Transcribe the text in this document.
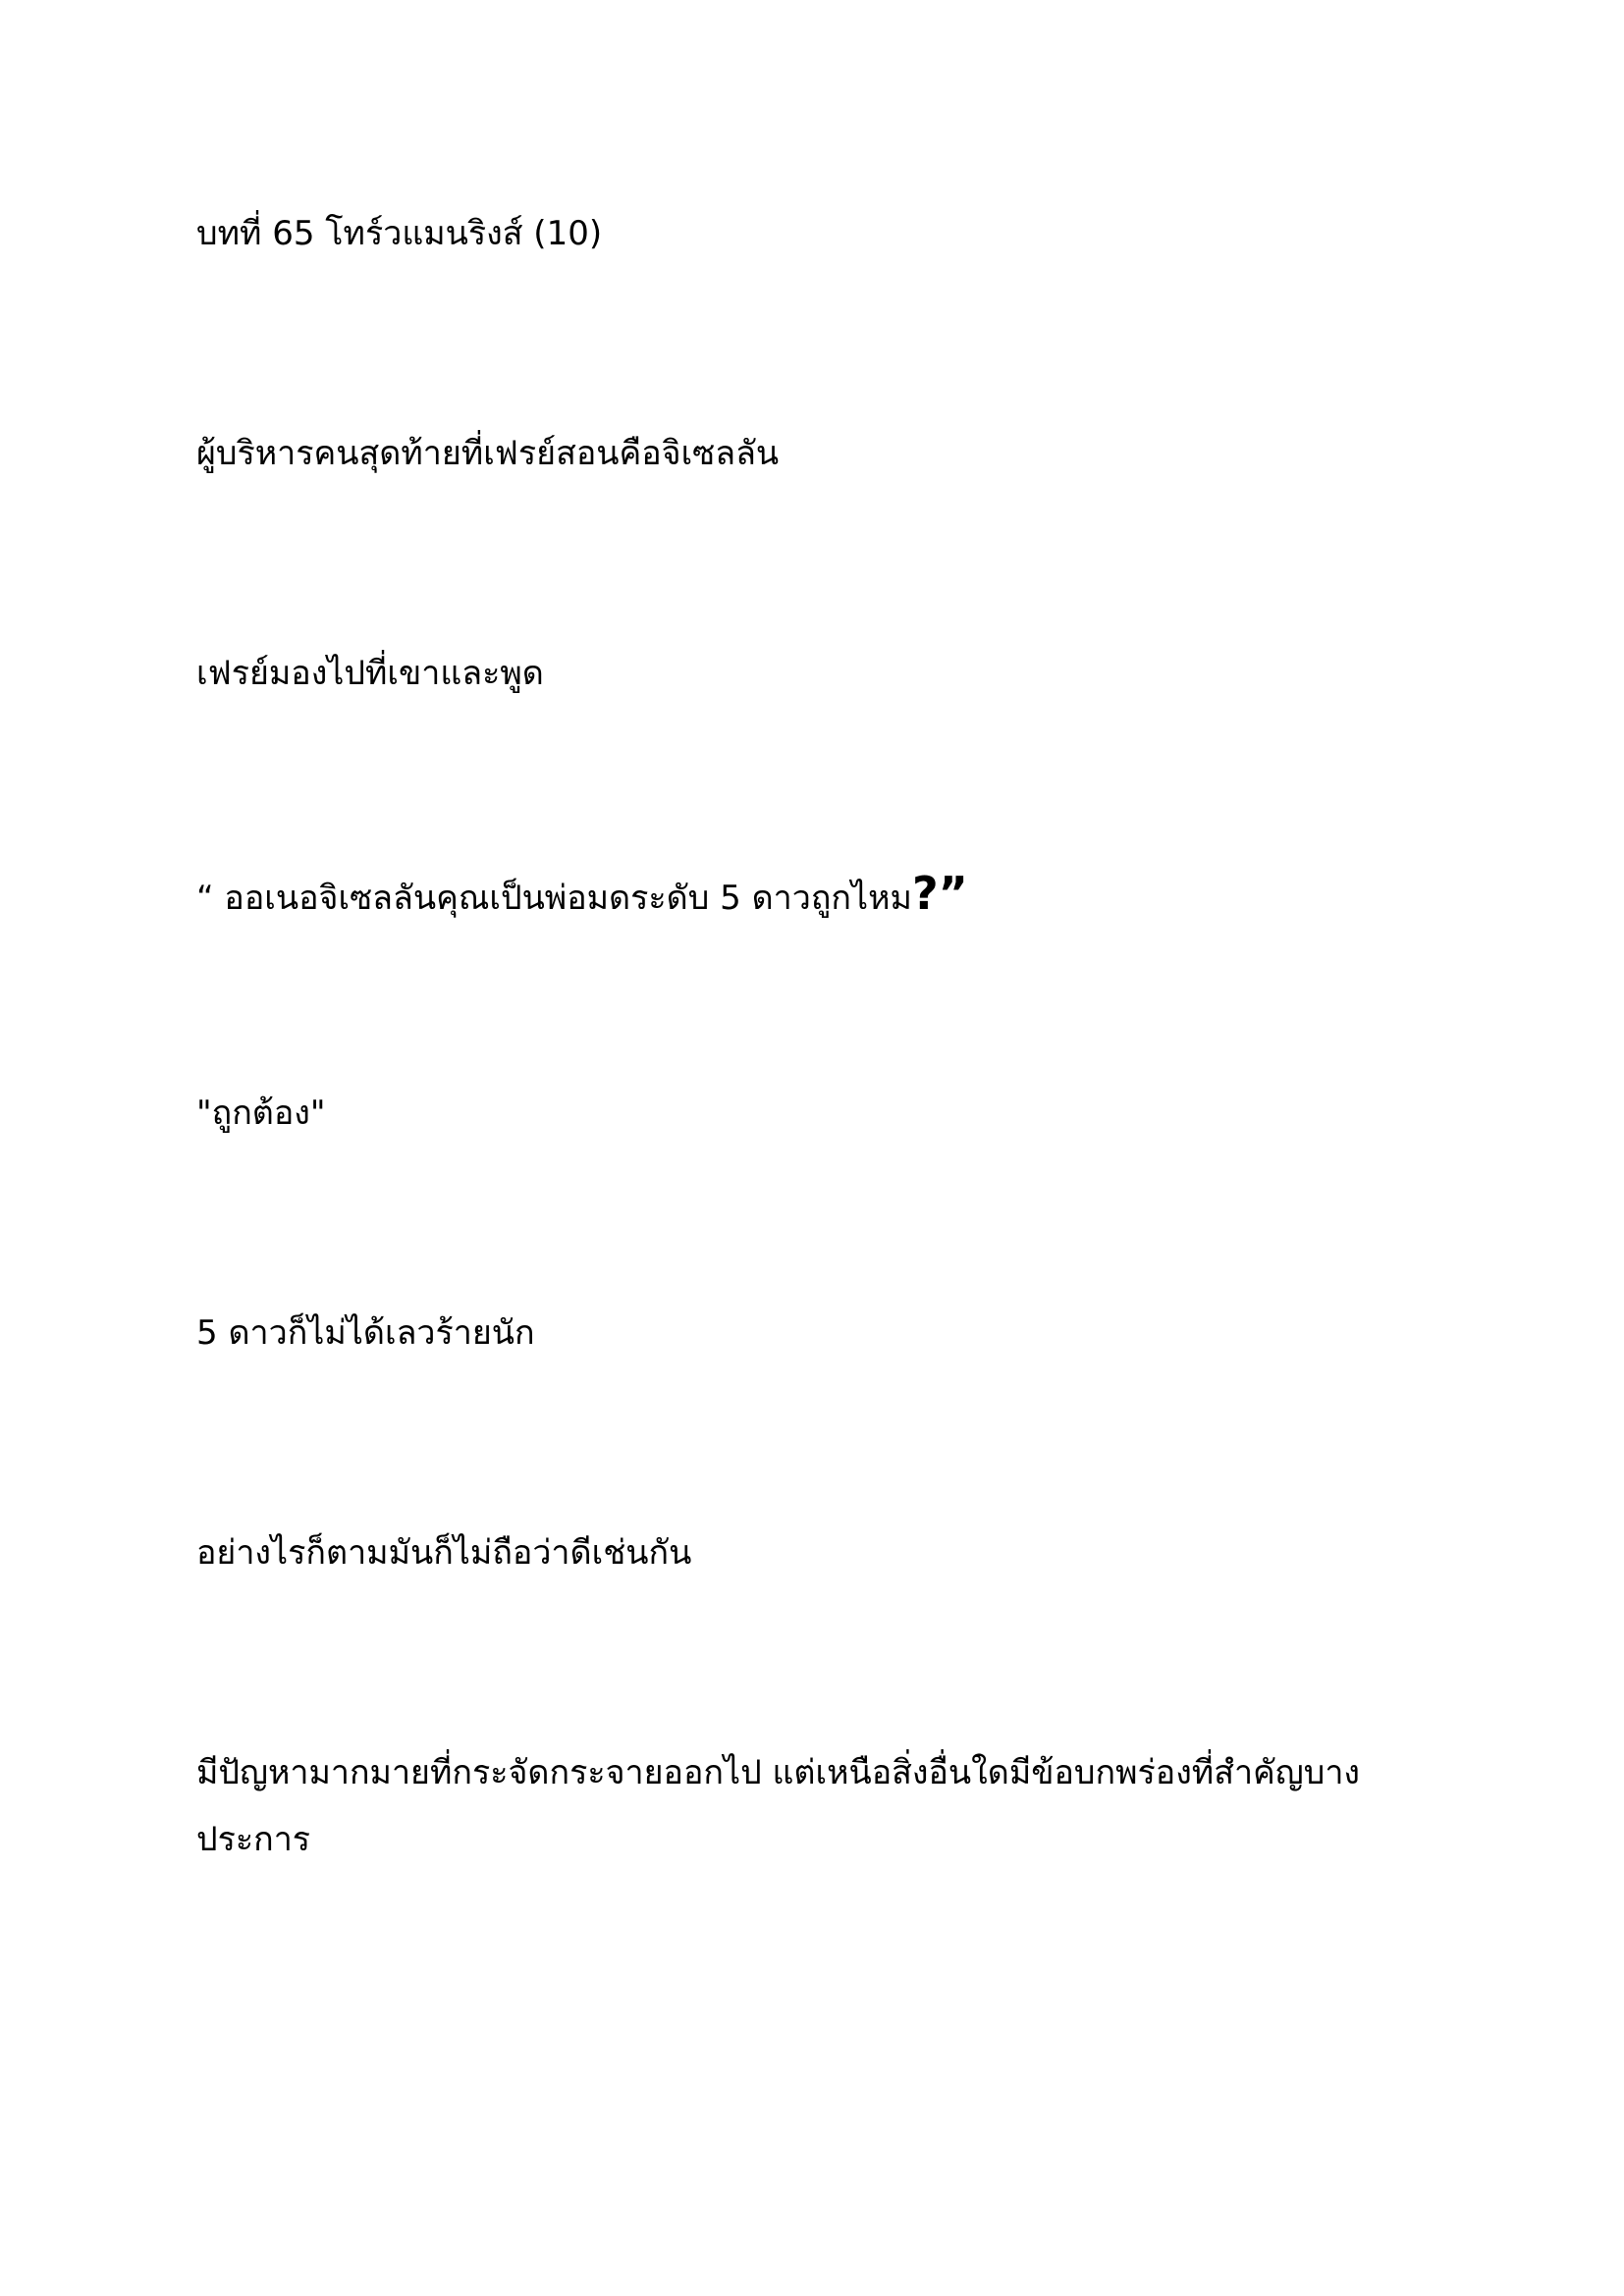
บทที่ 65 โทร์วแมนริงส์ (10)

ผู้บริหารคนสุดท้ายที่เฟรย์สอนคือจิเซลลัน

เฟรย์มองไปที่เขาและพูด

“ ออเนอจิเซลลันคุณเป็นพ่อมดระดับ 5 ดาวถูกไหม?”

"ถูกต้อง"

5 ดาวก็ไม่ได้เลวร้ายนัก

อย่างไรก็ตามมันก็ไม่ถือว่าดีเช่นกัน

มีปัญหามากมายที่กระจัดกระจายออกไป แต่เหนือสิ่งอื่นใดมีข้อบกพร่องที่สำคัญบางประการ
